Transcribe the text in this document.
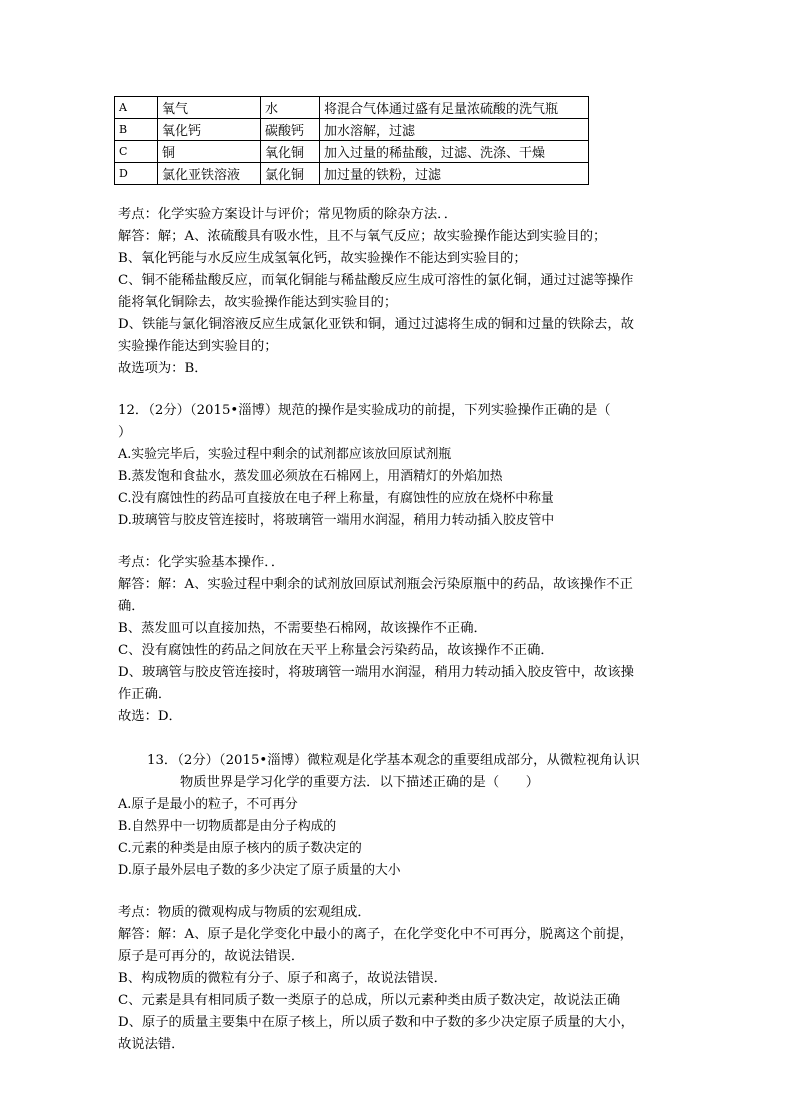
A	氧气	水	将混合气体通过盛有足量浓硫酸的洗气瓶
B	氧化钙	碳酸钙	加水溶解，过滤
C	铜	氧化铜	加入过量的稀盐酸，过滤、洗涤、干燥
D	氯化亚铁溶液	氯化铜	加过量的铁粉，过滤
考点：化学实验方案设计与评价；常见物质的除杂方法．．
解答：解；A、浓硫酸具有吸水性，且不与氧气反应；故实验操作能达到实验目的；
B、氧化钙能与水反应生成氢氧化钙，故实验操作不能达到实验目的；
C、铜不能稀盐酸反应，而氧化铜能与稀盐酸反应生成可溶性的氯化铜，通过过滤等操作
能将氧化铜除去，故实验操作能达到实验目的；
D、铁能与氯化铜溶液反应生成氯化亚铁和铜，通过过滤将生成的铜和过量的铁除去，故
实验操作能达到实验目的；
故选项为：B．
12．（2分）（2015•淄博）规范的操作是实验成功的前提，下列实验操作正确的是（
）
A.实验完毕后，实验过程中剩余的试剂都应该放回原试剂瓶
B.蒸发饱和食盐水，蒸发皿必须放在石棉网上，用酒精灯的外焰加热
C.没有腐蚀性的药品可直接放在电子秤上称量，有腐蚀性的应放在烧杯中称量
D.玻璃管与胶皮管连接时，将玻璃管一端用水润湿，稍用力转动插入胶皮管中
考点：化学实验基本操作．．
解答：解：A、实验过程中剩余的试剂放回原试剂瓶会污染原瓶中的药品，故该操作不正
确．
B、蒸发皿可以直接加热，不需要垫石棉网，故该操作不正确．
C、没有腐蚀性的药品之间放在天平上称量会污染药品，故该操作不正确．
D、玻璃管与胶皮管连接时，将玻璃管一端用水润湿，稍用力转动插入胶皮管中，故该操
作正确．
故选：D．
13．（2分）（2015•淄博）微粒观是化学基本观念的重要组成部分，从微粒视角认识
物质世界是学习化学的重要方法．以下描述正确的是（　　）
A.原子是最小的粒子，不可再分
B.自然界中一切物质都是由分子构成的
C.元素的种类是由原子核内的质子数决定的
D.原子最外层电子数的多少决定了原子质量的大小
考点：物质的微观构成与物质的宏观组成．
解答：解：A、原子是化学变化中最小的离子，在化学变化中不可再分，脱离这个前提，
原子是可再分的，故说法错误．
B、构成物质的微粒有分子、原子和离子，故说法错误．
C、元素是具有相同质子数一类原子的总成，所以元素种类由质子数决定，故说法正确
D、原子的质量主要集中在原子核上，所以质子数和中子数的多少决定原子质量的大小，
故说法错．
